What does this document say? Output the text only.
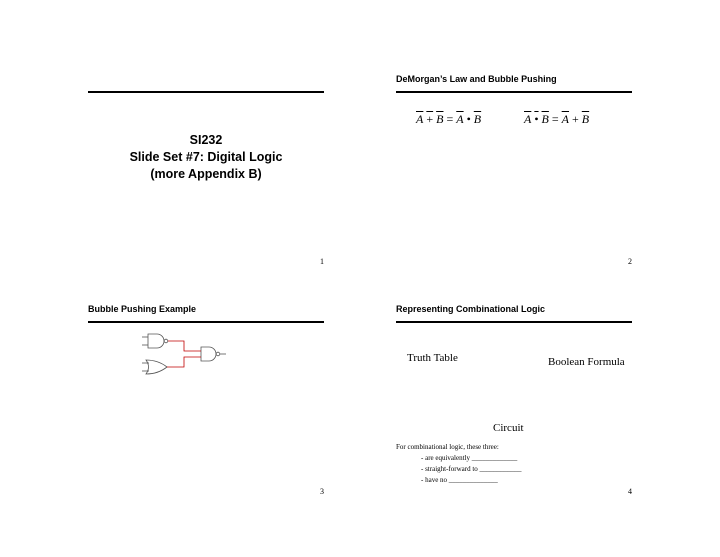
SI232
Slide Set #7: Digital Logic
(more Appendix B)
1
DeMorgan’s Law and Bubble Pushing
$A + B = \overline{A}$ • $\overline{B}$	A • $B = \overline{A} + \overline{B}$
2
Bubble Pushing Example
3
Representing Combinational Logic
Truth Table	Boolean Formula
Circuit
For combinational logic, these three:
- are equivalently _____________
- straight-forward to ____________
- have no ______________
4
